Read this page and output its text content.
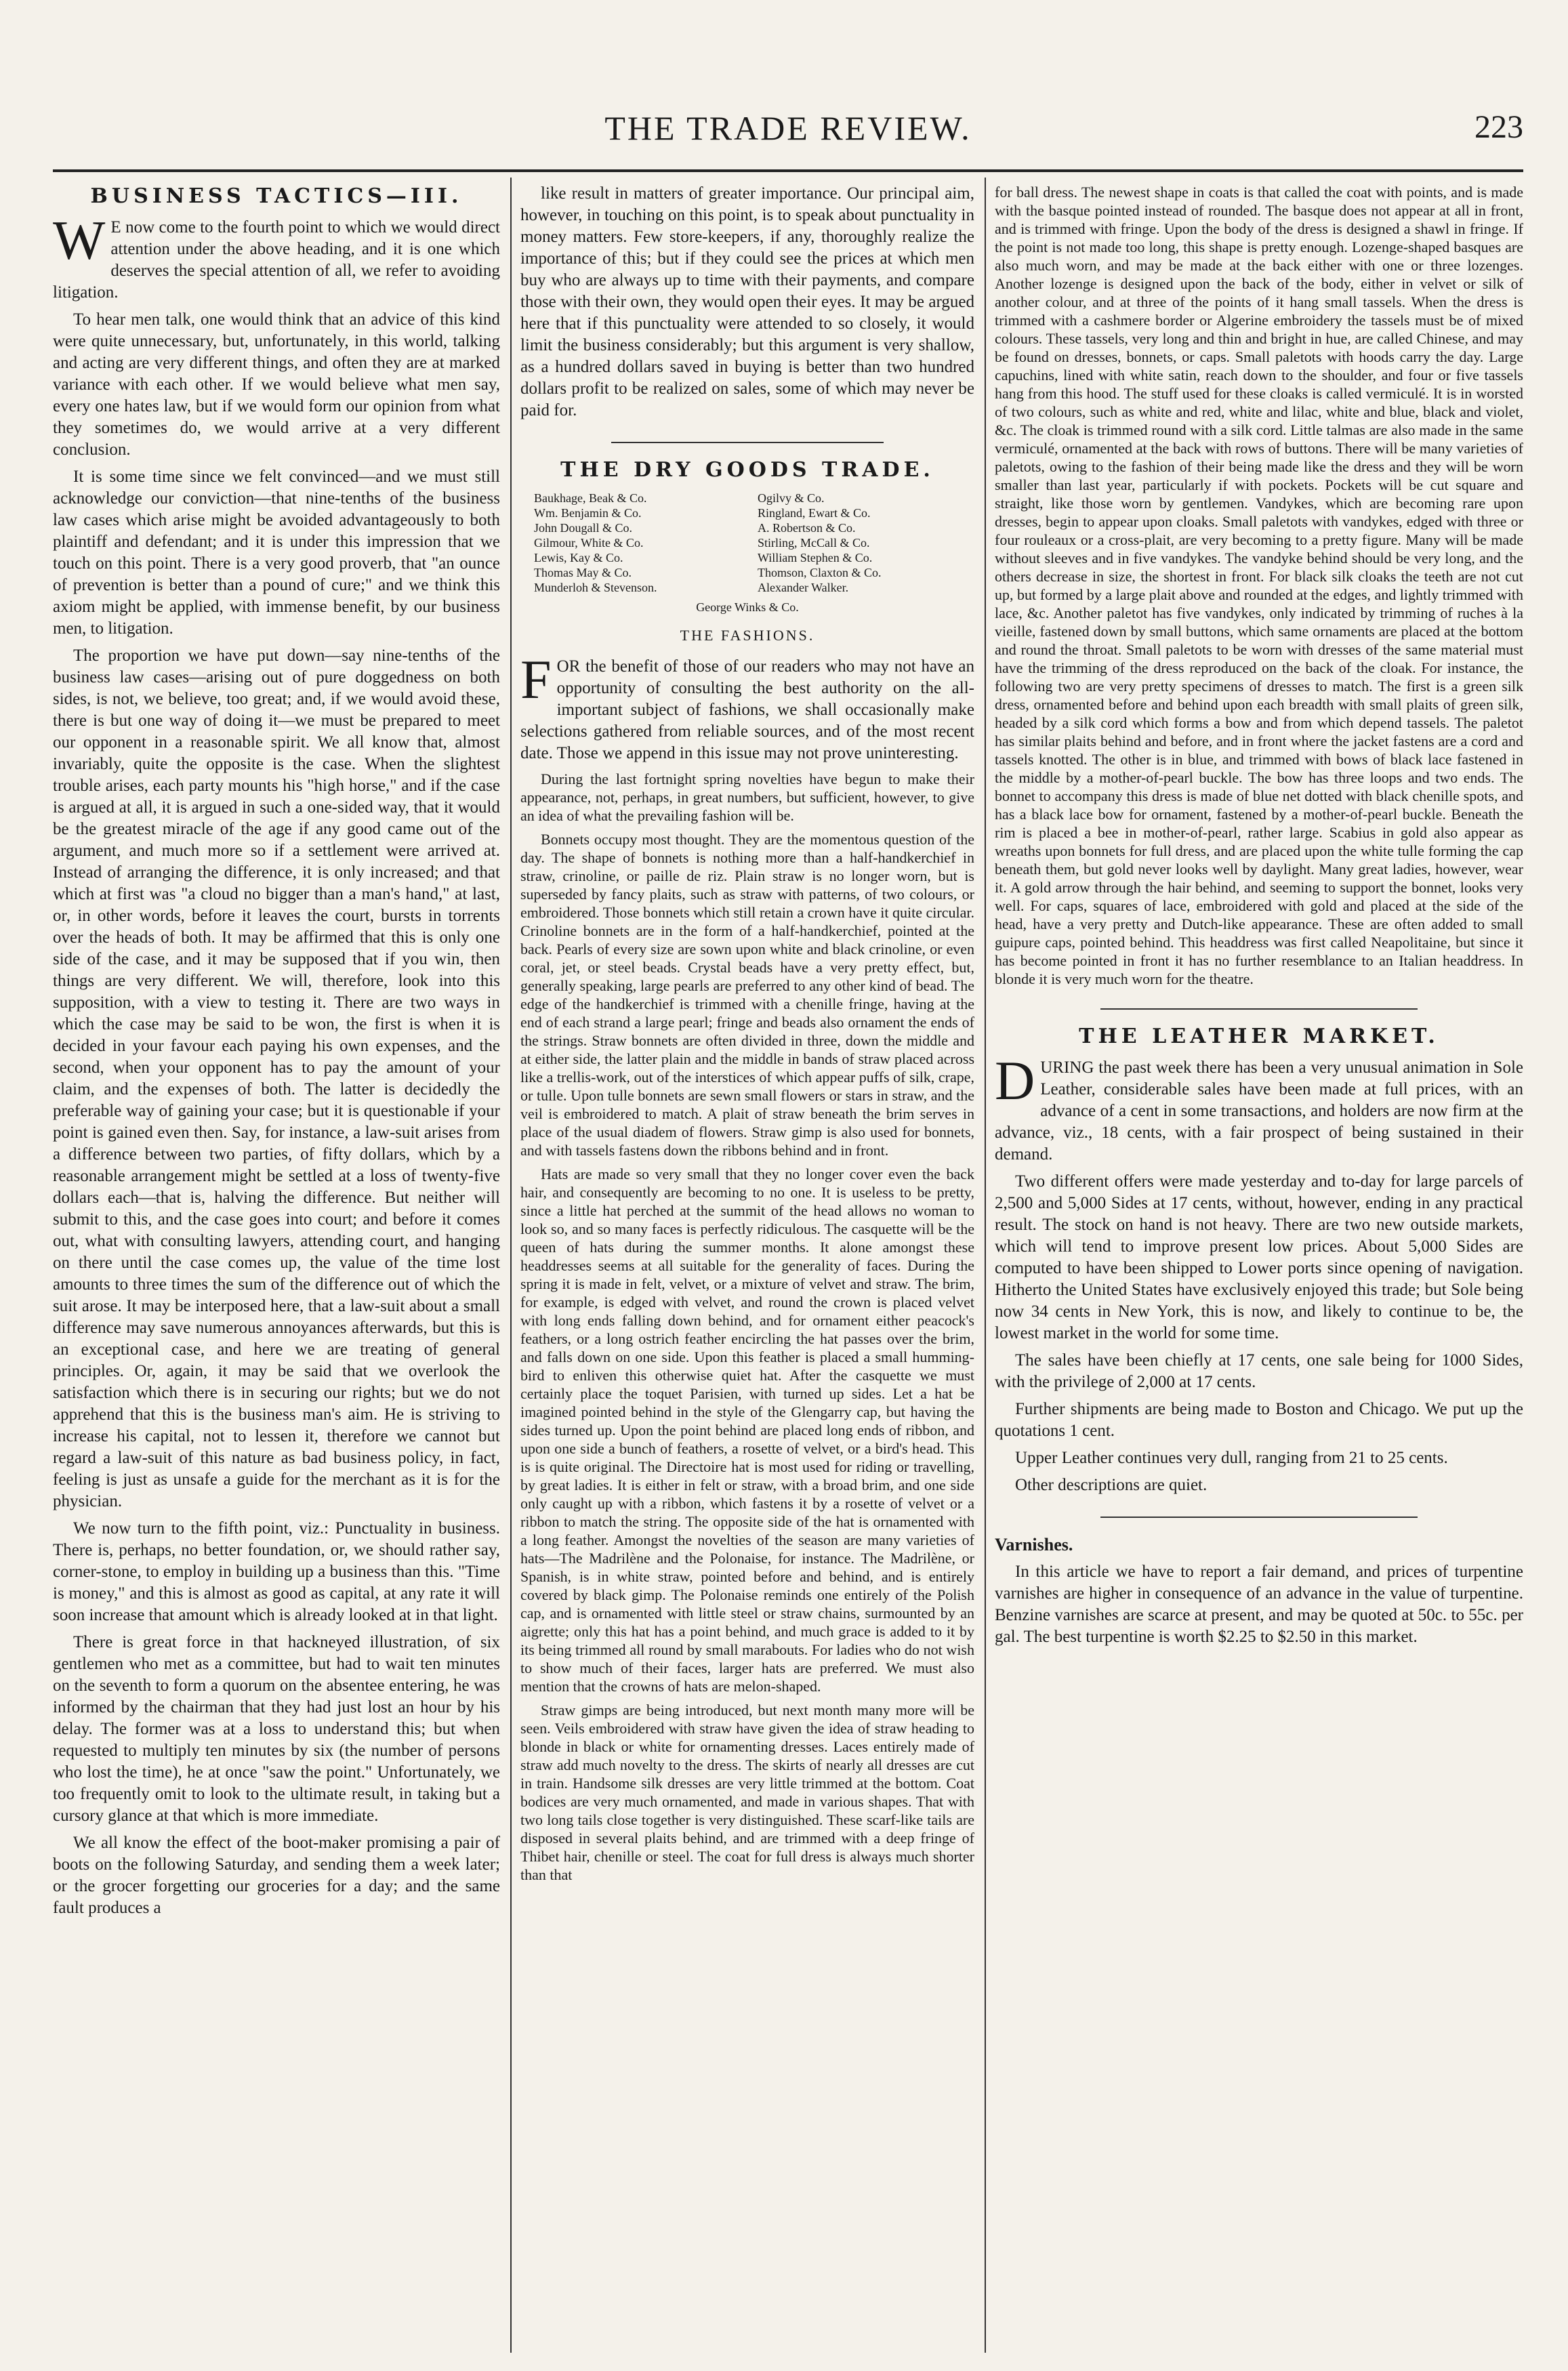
THE TRADE REVIEW.	223
BUSINESS TACTICS—III.

W E now come to the fourth point to which we would direct attention under the above heading, and it is one which deserves the special attention of all, we refer to avoiding litigation.

To hear men talk, one would think that an advice of this kind were quite unnecessary, but, unfortunately, in this world, talking and acting are very different things, and often they are at marked variance with each other. If we would believe what men say, every one hates law, but if we would form our opinion from what they sometimes do, we would arrive at a very different conclusion.

It is some time since we felt convinced—and we must still acknowledge our conviction—that nine-tenths of the business law cases which arise might be avoided advantageously to both plaintiff and defendant; and it is under this impression that we touch on this point. There is a very good proverb, that "an ounce of prevention is better than a pound of cure;" and we think this axiom might be applied, with immense benefit, by our business men, to litigation.

The proportion we have put down—say nine-tenths of the business law cases—arising out of pure doggedness on both sides, is not, we believe, too great; and, if we would avoid these, there is but one way of doing it—we must be prepared to meet our opponent in a reasonable spirit. We all know that, almost invariably, quite the opposite is the case. When the slightest trouble arises, each party mounts his "high horse," and if the case is argued at all, it is argued in such a one-sided way, that it would be the greatest miracle of the age if any good came out of the argument, and much more so if a settlement were arrived at. Instead of arranging the difference, it is only increased; and that which at first was "a cloud no bigger than a man's hand," at last, or, in other words, before it leaves the court, bursts in torrents over the heads of both. It may be affirmed that this is only one side of the case, and it may be supposed that if you win, then things are very different. We will, therefore, look into this supposition, with a view to testing it. There are two ways in which the case may be said to be won, the first is when it is decided in your favour each paying his own expenses, and the second, when your opponent has to pay the amount of your claim, and the expenses of both. The latter is decidedly the preferable way of gaining your case; but it is questionable if your point is gained even then. Say, for instance, a law-suit arises from a difference between two parties, of fifty dollars, which by a reasonable arrangement might be settled at a loss of twenty-five dollars each—that is, halving the difference. But neither will submit to this, and the case goes into court; and before it comes out, what with consulting lawyers, attending court, and hanging on there until the case comes up, the value of the time lost amounts to three times the sum of the difference out of which the suit arose. It may be interposed here, that a law-suit about a small difference may save numerous annoyances afterwards, but this is an exceptional case, and here we are treating of general principles. Or, again, it may be said that we overlook the satisfaction which there is in securing our rights; but we do not apprehend that this is the business man's aim. He is striving to increase his capital, not to lessen it, therefore we cannot but regard a law-suit of this nature as bad business policy, in fact, feeling is just as unsafe a guide for the merchant as it is for the physician.

We now turn to the fifth point, viz.: Punctuality in business. There is, perhaps, no better foundation, or, we should rather say, corner-stone, to employ in building up a business than this. "Time is money," and this is almost as good as capital, at any rate it will soon increase that amount which is already looked at in that light.

There is great force in that hackneyed illustration, of six gentlemen who met as a committee, but had to wait ten minutes on the seventh to form a quorum on the absentee entering, he was informed by the chairman that they had just lost an hour by his delay. The former was at a loss to understand this; but when requested to multiply ten minutes by six (the number of persons who lost the time), he at once "saw the point." Unfortunately, we too frequently omit to look to the ultimate result, in taking but a cursory glance at that which is more immediate.

We all know the effect of the boot-maker promising a pair of boots on the following Saturday, and sending them a week later; or the grocer forgetting our groceries for a day; and the same fault produces a

like result in matters of greater importance. Our principal aim, however, in touching on this point, is to speak about punctuality in money matters. Few store-keepers, if any, thoroughly realize the importance of this; but if they could see the prices at which men buy who are always up to time with their payments, and compare those with their own, they would open their eyes. It may be argued here that if this punctuality were attended to so closely, it would limit the business considerably; but this argument is very shallow, as a hundred dollars saved in buying is better than two hundred dollars profit to be realized on sales, some of which may never be paid for.

THE DRY GOODS TRADE.
Baukhage, Beak & Co.	Ogilvy & Co.
Wm. Benjamin & Co.	Ringland, Ewart & Co.
John Dougall & Co.	A. Robertson & Co.
Gilmour, White & Co.	Stirling, McCall & Co.
Lewis, Kay & Co.	William Stephen & Co.
Thomas May & Co.	Thomson, Claxton & Co.
Munderloh & Stevenson.	Alexander Walker.
George Winks & Co.
THE FASHIONS.

FOR the benefit of those of our readers who may not have an opportunity of consulting the best authority on the all-important subject of fashions, we shall occasionally make selections gathered from reliable sources, and of the most recent date. Those we append in this issue may not prove uninteresting.

During the last fortnight spring novelties have begun to make their appearance, not, perhaps, in great numbers, but sufficient, however, to give an idea of what the prevailing fashion will be.

Bonnets occupy most thought. They are the momentous question of the day. The shape of bonnets is nothing more than a half-handkerchief in straw, crinoline, or paille de riz. Plain straw is no longer worn, but is superseded by fancy plaits, such as straw with patterns, of two colours, or embroidered. Those bonnets which still retain a crown have it quite circular. Crinoline bonnets are in the form of a half-handkerchief, pointed at the back. Pearls of every size are sown upon white and black crinoline, or even coral, jet, or steel beads. Crystal beads have a very pretty effect, but, generally speaking, large pearls are preferred to any other kind of bead. The edge of the handkerchief is trimmed with a chenille fringe, having at the end of each strand a large pearl; fringe and beads also ornament the ends of the strings. Straw bonnets are often divided in three, down the middle and at either side, the latter plain and the middle in bands of straw placed across like a trellis-work, out of the interstices of which appear puffs of silk, crape, or tulle. Upon tulle bonnets are sewn small flowers or stars in straw, and the veil is embroidered to match. A plait of straw beneath the brim serves in place of the usual diadem of flowers. Straw gimp is also used for bonnets, and with tassels fastens down the ribbons behind and in front.

Hats are made so very small that they no longer cover even the back hair, and consequently are becoming to no one. It is useless to be pretty, since a little hat perched at the summit of the head allows no woman to look so, and so many faces is perfectly ridiculous. The casquette will be the queen of hats during the summer months. It alone amongst these headdresses seems at all suitable for the generality of faces. During the spring it is made in felt, velvet, or a mixture of velvet and straw. The brim, for example, is edged with velvet, and round the crown is placed velvet with long ends falling down behind, and for ornament either peacock's feathers, or a long ostrich feather encircling the hat passes over the brim, and falls down on one side. Upon this feather is placed a small humming-bird to enliven this otherwise quiet hat. After the casquette we must certainly place the toquet Parisien, with turned up sides. Let a hat be imagined pointed behind in the style of the Glengarry cap, but having the sides turned up. Upon the point behind are placed long ends of ribbon, and upon one side a bunch of feathers, a rosette of velvet, or a bird's head. This is is quite original. The Directoire hat is most used for riding or travelling, by great ladies. It is either in felt or straw, with a broad brim, and one side only caught up with a ribbon, which fastens it by a rosette of velvet or a ribbon to match the string. The opposite side of the hat is ornamented with a long feather. Amongst the novelties of the season are many varieties of hats—The Madrilène and the Polonaise, for instance. The Madrilène, or Spanish, is in white straw, pointed before and behind, and is entirely covered by black gimp. The Polonaise reminds one entirely of the Polish cap, and is ornamented with little steel or straw chains, surmounted by an aigrette; only this hat has a point behind, and much grace is added to it by its being trimmed all round by small marabouts. For ladies who do not wish to show much of their faces, larger hats are preferred. We must also mention that the crowns of hats are melon-shaped.

Straw gimps are being introduced, but next month many more will be seen. Veils embroidered with straw have given the idea of straw heading to blonde in black or white for ornamenting dresses. Laces entirely made of straw add much novelty to the dress. The skirts of nearly all dresses are cut in train. Handsome silk dresses are very little trimmed at the bottom. Coat bodices are very much ornamented, and made in various shapes. That with two long tails close together is very distinguished. These scarf-like tails are disposed in several plaits behind, and are trimmed with a deep fringe of Thibet hair, chenille or steel. The coat for full dress is always much shorter than that

for ball dress. The newest shape in coats is that called the coat with points, and is made with the basque pointed instead of rounded. The basque does not appear at all in front, and is trimmed with fringe. Upon the body of the dress is designed a shawl in fringe. If the point is not made too long, this shape is pretty enough. Lozenge-shaped basques are also much worn, and may be made at the back either with one or three lozenges. Another lozenge is designed upon the back of the body, either in velvet or silk of another colour, and at three of the points of it hang small tassels. When the dress is trimmed with a cashmere border or Algerine embroidery the tassels must be of mixed colours. These tassels, very long and thin and bright in hue, are called Chinese, and may be found on dresses, bonnets, or caps. Small paletots with hoods carry the day. Large capuchins, lined with white satin, reach down to the shoulder, and four or five tassels hang from this hood. The stuff used for these cloaks is called vermiculé. It is in worsted of two colours, such as white and red, white and lilac, white and blue, black and violet, &c. The cloak is trimmed round with a silk cord. Little talmas are also made in the same vermiculé, ornamented at the back with rows of buttons. There will be many varieties of paletots, owing to the fashion of their being made like the dress and they will be worn smaller than last year, particularly if with pockets. Pockets will be cut square and straight, like those worn by gentlemen. Vandykes, which are becoming rare upon dresses, begin to appear upon cloaks. Small paletots with vandykes, edged with three or four rouleaux or a cross-plait, are very becoming to a pretty figure. Many will be made without sleeves and in five vandykes. The vandyke behind should be very long, and the others decrease in size, the shortest in front. For black silk cloaks the teeth are not cut up, but formed by a large plait above and rounded at the edges, and lightly trimmed with lace, &c. Another paletot has five vandykes, only indicated by trimming of ruches à la vieille, fastened down by small buttons, which same ornaments are placed at the bottom and round the throat. Small paletots to be worn with dresses of the same material must have the trimming of the dress reproduced on the back of the cloak. For instance, the following two are very pretty specimens of dresses to match. The first is a green silk dress, ornamented before and behind upon each breadth with small plaits of green silk, headed by a silk cord which forms a bow and from which depend tassels. The paletot has similar plaits behind and before, and in front where the jacket fastens are a cord and tassels knotted. The other is in blue, and trimmed with bows of black lace fastened in the middle by a mother-of-pearl buckle. The bow has three loops and two ends. The bonnet to accompany this dress is made of blue net dotted with black chenille spots, and has a black lace bow for ornament, fastened by a mother-of-pearl buckle. Beneath the rim is placed a bee in mother-of-pearl, rather large. Scabius in gold also appear as wreaths upon bonnets for full dress, and are placed upon the white tulle forming the cap beneath them, but gold never looks well by daylight. Many great ladies, however, wear it. A gold arrow through the hair behind, and seeming to support the bonnet, looks very well. For caps, squares of lace, embroidered with gold and placed at the side of the head, have a very pretty and Dutch-like appearance. These are often added to small guipure caps, pointed behind. This headdress was first called Neapolitaine, but since it has become pointed in front it has no further resemblance to an Italian headdress. In blonde it is very much worn for the theatre.

THE LEATHER MARKET.

DURING the past week there has been a very unusual animation in Sole Leather, considerable sales have been made at full prices, with an advance of a cent in some transactions, and holders are now firm at the advance, viz., 18 cents, with a fair prospect of being sustained in their demand.

Two different offers were made yesterday and to-day for large parcels of 2,500 and 5,000 Sides at 17 cents, without, however, ending in any practical result. The stock on hand is not heavy. There are two new outside markets, which will tend to improve present low prices. About 5,000 Sides are computed to have been shipped to Lower ports since opening of navigation. Hitherto the United States have exclusively enjoyed this trade; but Sole being now 34 cents in New York, this is now, and likely to continue to be, the lowest market in the world for some time.

The sales have been chiefly at 17 cents, one sale being for 1000 Sides, with the privilege of 2,000 at 17 cents.

Further shipments are being made to Boston and Chicago. We put up the quotations 1 cent.

Upper Leather continues very dull, ranging from 21 to 25 cents.

Other descriptions are quiet.

Varnishes.

In this article we have to report a fair demand, and prices of turpentine varnishes are higher in consequence of an advance in the value of turpentine. Benzine varnishes are scarce at present, and may be quoted at 50c. to 55c. per gal. The best turpentine is worth $2.25 to $2.50 in this market.
